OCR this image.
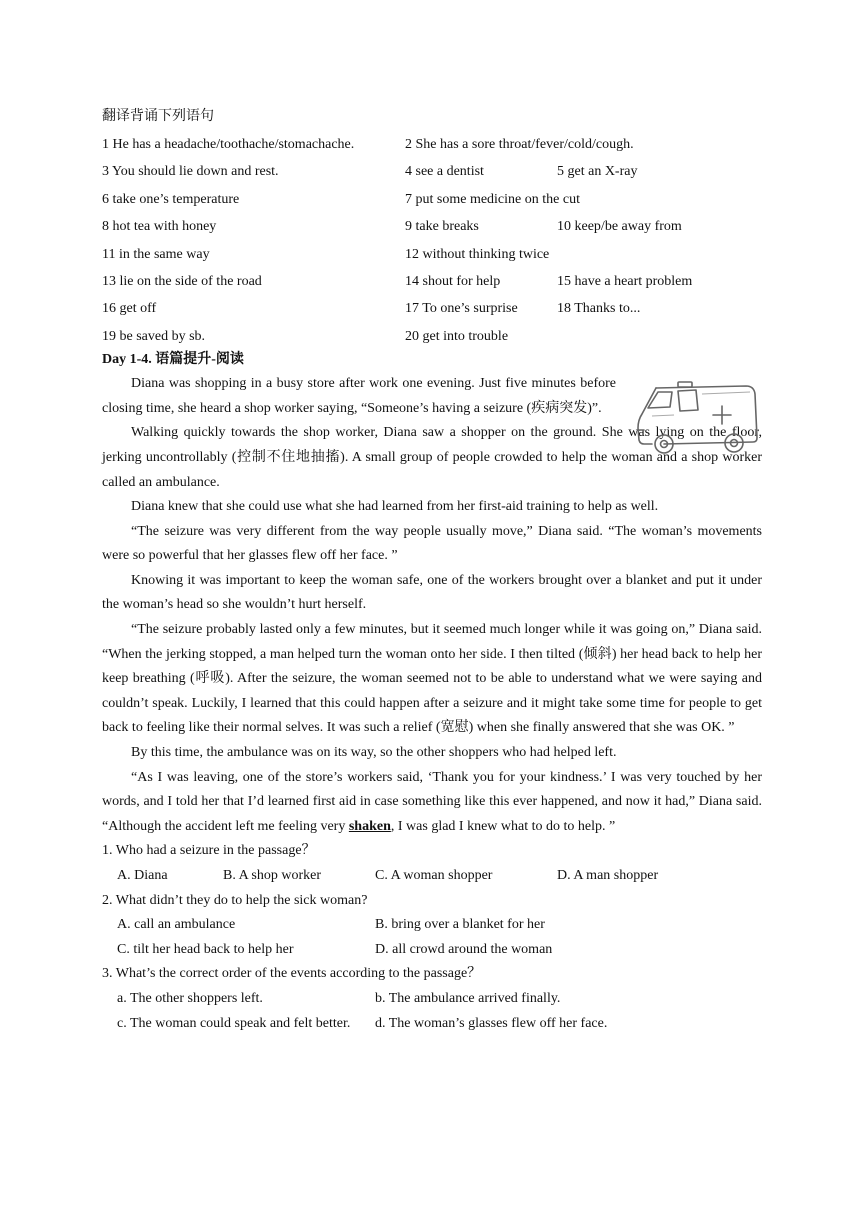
翻译背诵下列语句
1 He has a headache/toothache/stomachache.	2 She has a sore throat/fever/cold/cough.
3 You should lie down and rest.	4 see a dentist	5 get an X-ray
6 take one’s temperature	7 put some medicine on the cut
8 hot tea with honey	9 take breaks	10 keep/be away from
11 in the same way	12 without thinking twice
13 lie on the side of the road	14 shout for help	15 have a heart problem
16 get off	17 To one’s surprise	18 Thanks to...
19 be saved by sb.	20 get into trouble
Day 1-4. 语篇提升-阅读

Diana was shopping in a busy store after work one evening. Just five minutes before closing time, she heard a shop worker saying, “Someone’s having a seizure (疾病突发)”.

Walking quickly towards the shop worker, Diana saw a shopper on the ground. She was lying on the floor, jerking uncontrollably (控制不住地抽搐). A small group of people crowded to help the woman and a shop worker called an ambulance.

Diana knew that she could use what she had learned from her first-aid training to help as well.

“The seizure was very different from the way people usually move,” Diana said. “The woman’s movements were so powerful that her glasses flew off her face. ”

Knowing it was important to keep the woman safe, one of the workers brought over a blanket and put it under the woman’s head so she wouldn’t hurt herself.

“The seizure probably lasted only a few minutes, but it seemed much longer while it was going on,” Diana said. “When the jerking stopped, a man helped turn the woman onto her side. I then tilted (倾斜) her head back to help her keep breathing (呼吸). After the seizure, the woman seemed not to be able to understand what we were saying and couldn’t speak. Luckily, I learned that this could happen after a seizure and it might take some time for people to get back to feeling like their normal selves. It was such a relief (宽慰) when she finally answered that she was OK. ”

By this time, the ambulance was on its way, so the other shoppers who had helped left.

“As I was leaving, one of the store’s workers said, ‘Thank you for your kindness.’ I was very touched by her words, and I told her that I’d learned first aid in case something like this ever happened, and now it had,” Diana said. “Although the accident left me feeling very shaken, I was glad I knew what to do to help. ”

1. Who had a seizure in the passage？

A. Diana	B. A shop worker	C. A woman shopper	D. A man shopper

2. What didn’t they do to help the sick woman?

A. call an ambulance	B. bring over a blanket for her
C. tilt her head back to help her	D. all crowd around the woman

3. What’s the correct order of the events according to the passage？

a. The other shoppers left.	b. The ambulance arrived finally.
c. The woman could speak and felt better. d. The woman’s glasses flew off her face.
